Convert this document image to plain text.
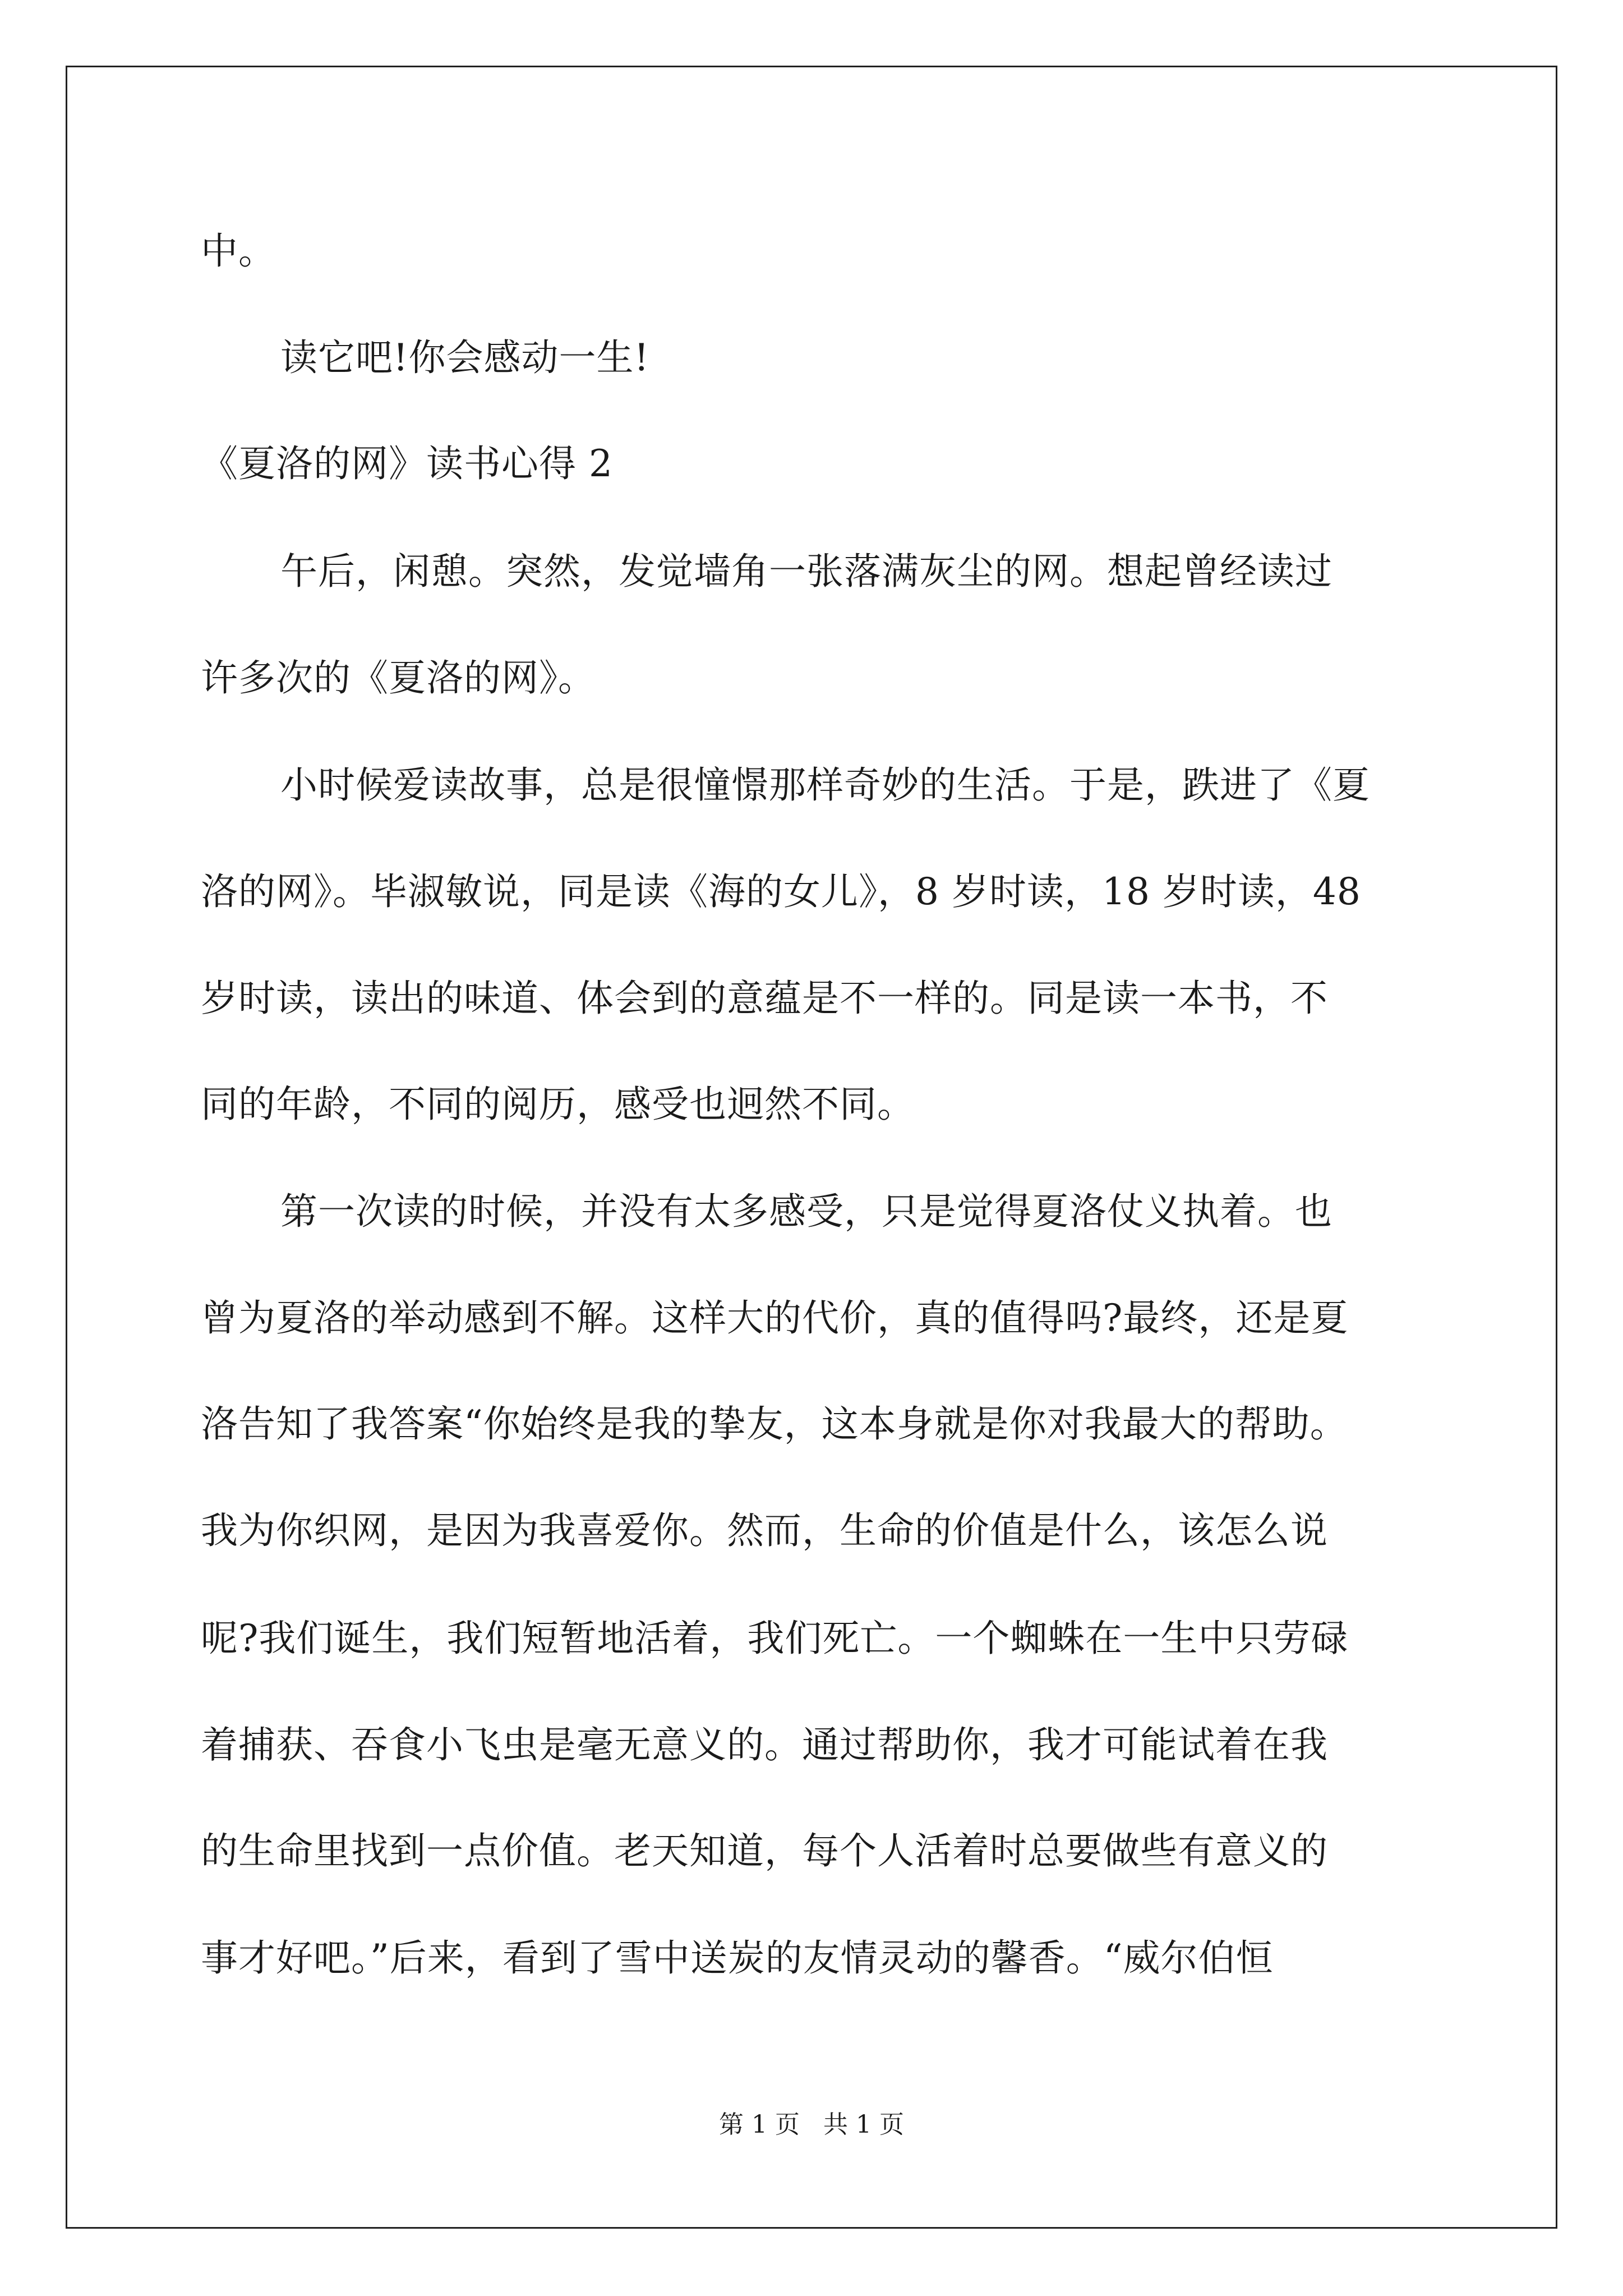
中。
读它吧!你会感动一生!
《夏洛的网》读书心得 2
午后，闲憩。突然，发觉墙角一张落满灰尘的网。想起曾经读过
许多次的《夏洛的网》。
小时候爱读故事，总是很憧憬那样奇妙的生活。于是，跌进了《夏
洛的网》。毕淑敏说，同是读《海的女儿》，8 岁时读，18 岁时读，48
岁时读，读出的味道、体会到的意蕴是不一样的。同是读一本书，不
同的年龄，不同的阅历，感受也迥然不同。
第一次读的时候，并没有太多感受，只是觉得夏洛仗义执着。也
曾为夏洛的举动感到不解。这样大的代价，真的值得吗?最终，还是夏
洛告知了我答案“你始终是我的挚友，这本身就是你对我最大的帮助。
我为你织网，是因为我喜爱你。然而，生命的价值是什么，该怎么说
呢?我们诞生，我们短暂地活着，我们死亡。一个蜘蛛在一生中只劳碌
着捕获、吞食小飞虫是毫无意义的。通过帮助你，我才可能试着在我
的生命里找到一点价值。老天知道，每个人活着时总要做些有意义的
事才好吧。”后来，看到了雪中送炭的友情灵动的馨香。“威尔伯恒
第 1 页   共 1 页
